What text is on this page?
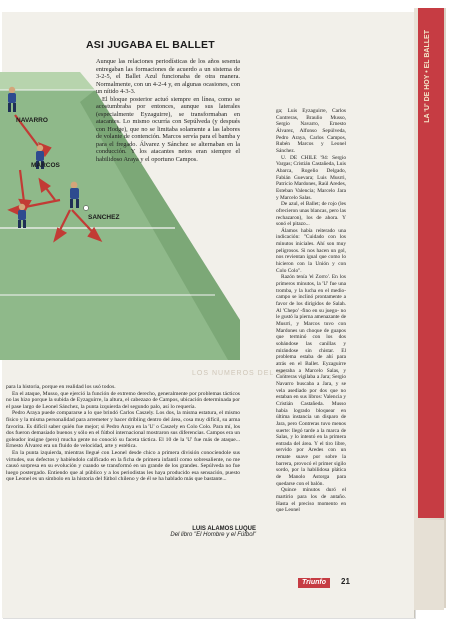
LA 'U' DE HOY • EL BALLET
NAVARRO
MARCOS
SANCHEZ
ASI JUGABA EL BALLET

Aunque las relaciones periodísticas de los años sesenta entregaban las formaciones de acuerdo a un sistema de 3-2-5, el Ballet Azul funcionaba de otra manera. Normalmente, con un 4-2-4 y, en algunas ocasiones, con un nítido 4-3-3.

El bloque posterior actuó siempre en línea, como se acostumbraba por entonces, aunque sus laterales (especialmente Eyzaguirre), se transformaban en atacantes. Lo mismo ocurría con Sepúlveda (y después con Hodge), que no se limitaba solamente a las labores de volante de contención. Marcos servía para el bamba y para el fregado. Álvarez y Sánchez se alternaban en la conducción. Y los atacantes netos eran siempre el habilidoso Araya y el oportuno Campos.

LOS NUMEROS DEL 95

para la historia, porque en realidad los usó todos.

En el ataque, Musso, que ejerció la función de extremo derecho, generalmente por problemas tácticos no las hizo porque la subida de Eyzaguirre, la altura, el cabezazo de Campos, ubicación determinada por el pase largo de Leonel Sánchez, la punta izquierda del segundo palo, así lo requería.

Pedro Araya puede compararse a lo que brindó Carlos Caszely. Los dos, la misma estatura, el mismo físico y la misma personalidad para arremeter y hacer dribling dentro del área, cosa muy difícil, su arma favorita. Es difícil saber quién fue mejor; si Pedro Araya en la 'U' o Caszely en Colo Colo. Para mí, los dos fueron demasiado buenos y sólo en el fútbol internacional mostraron sus diferencias. Campos era un goleador insigne (pero) mucha gente no conoció su faceta táctica. El 10 de la 'U' fue más de ataque... Ernesto Álvarez era un fluido de velocidad, arte y estética.

En la punta izquierda, mientras llegué con Leonel desde chico a primera división conocíendole sus virtudes, sus defectos y habiéndolo calificado en la ficha de primera infantil como sobresaliente, no me causó sorpresa en su evolución y cuando se transformó en un grande de los grandes. Sepúlveda no fue luego postergado. Entiendo que al público y a los periodistas les haya producido esa sensación, puesto que Leonel es un símbolo en la historia del fútbol chileno y de él se ha hablado más que bastante...

LUIS ALAMOS LUQUE
Del libro "El Hombre y el Fútbol"

ga; Luis Eyzaguirre, Carlos Contreras, Braulio Musso, Sergio Navarro, Ernesto Álvarez, Alfonso Sepúlveda, Pedro Araya, Carlos Campos, Rubén Marcos y Leonel Sánchez.

U. DE CHILE '94: Sergio Vargas; Cristián Castañeda, Luis Abarca, Rogelio Delgado, Fabián Guevara; Luis Musrri, Patricio Mardones, Raúl Aredes, Esteban Valencia; Marcelo Jara y Marcelo Salas.

De azul, el Ballet; de rojo (les ofrecieron unas blancas, pero las rechazaron), los de ahora. Y sonó el pitazo...

Álamos había reiterado una indicación: "Cuidado con los minutos iniciales. Ahí son muy peligrosos. Si nos hacen un gol, nos revientan igual que como lo hicieron con la Unión y con Colo Colo".

Razón tenía 'el Zorro'. En los primeros minutos, la 'U' fue una tromba, y la lucha en el medio-campo se inclinó prontamente a favor de los dirigidos de Salah. Al 'Chepo' -fino en su juego- no le gustó la pierna amenazante de Musrri, y Marcos tuvo con Mardones un choque de guapos que terminó con los dos sobándose las canillas y mirándose sin chistar. El problema estaba de ahí para atrás en el Ballet. Eyzaguirre esperaba a Marcelo Salas, y Contreras vigilaba a Jara; Sergio Navarro buscaba a Jara, y se vela asediado por dos que no estaban en sus libros: Valencia y Cristián Castañeda. Musso había logrado bloquear en última instancia un disparo de Jara, pero Contreras tuvo menos suerte: llegó tarde a la marca de Salas, y lo intentó en la primera entrada del área. Y el tiro libre, servido por Aredes con un remate suave por sobre la barrera, provocó el primer sigilo sordo, por la habilidosa plática de Manolo Astorga para quedarse con el balón.

Quince minutos duró el martirio para los de antaño. Hasta el preciso momento en que Leonel

Triunfo	21
